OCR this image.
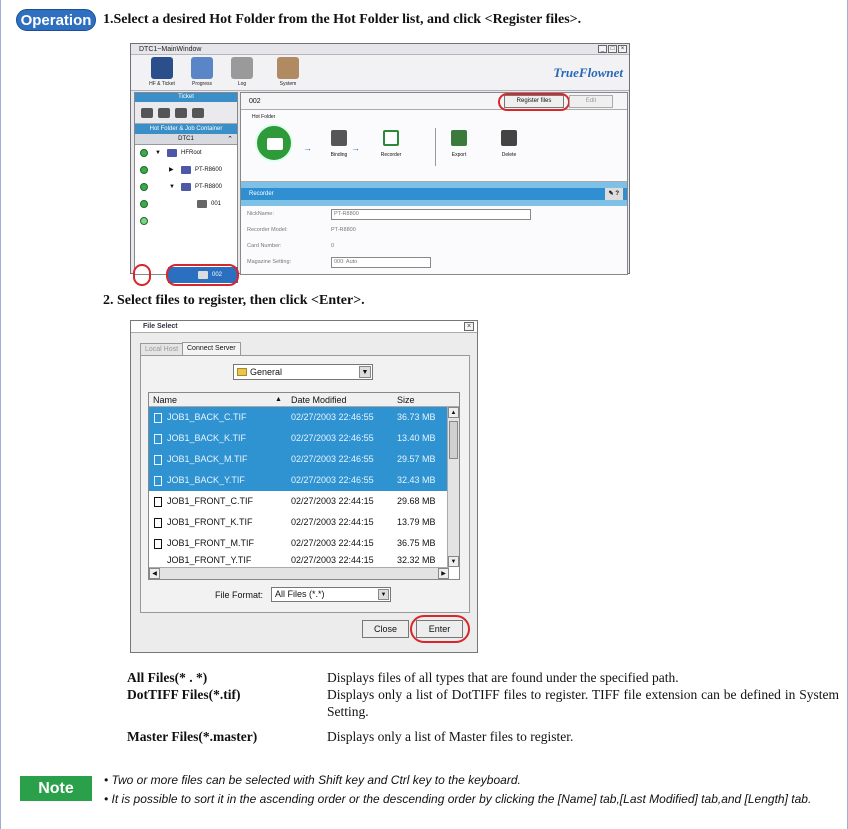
Operation 1.Select a desired Hot Folder from the Hot Folder list, and click <Register files>.
DTC1~MainWindow	_	□	×
HF & Ticket	Progress	Log	System
TrueFlownet
Ticket
Hot Folder & Job Container
DTC1	⌃
▼	HFRoot
▶	PT-R8600
▼	PT-R8800
001
002
002	Register files	Edit
Hot Folder
→	→
Binding	Recorder	Export	Delete
Recorder	✎ ?
NickName:	PT-R8800
Recorder Model:	PT-R8800
Card Number:	0
Magazine Setting:	000: Auto
2. Select files to register, then click <Enter>.
File Select	×
Local Host	Connect Server
General	▼
Name	▲ Date Modified	Size
JOB1_BACK_C.TIF	02/27/2003 22:46:55	36.73 MB
JOB1_BACK_K.TIF	02/27/2003 22:46:55	13.40 MB
JOB1_BACK_M.TIF	02/27/2003 22:46:55	29.57 MB
JOB1_BACK_Y.TIF	02/27/2003 22:46:55	32.43 MB
JOB1_FRONT_C.TIF	02/27/2003 22:44:15	29.68 MB
JOB1_FRONT_K.TIF	02/27/2003 22:44:15	13.79 MB
JOB1_FRONT_M.TIF	02/27/2003 22:44:15	36.75 MB
JOB1_FRONT_Y.TIF	02/27/2003 22:44:15	32.32 MB
▲
▼
◀	▶
File Format:	All Files (*.*)	▼
Close	Enter
All Files(* . *)	Displays files of all types that are found under the specified path.
DotTIFF Files(*.tif)	Displays only a list of DotTIFF files to register. TIFF file extension can be defined in System Setting.
Master Files(*.master)	Displays only a list of Master files to register.
Note	• Two or more files can be selected with Shift key and Ctrl key to the keyboard.
• It is possible to sort it in the ascending order or the descending order by clicking the [Name] tab,[Last Modified] tab,and [Length] tab.
